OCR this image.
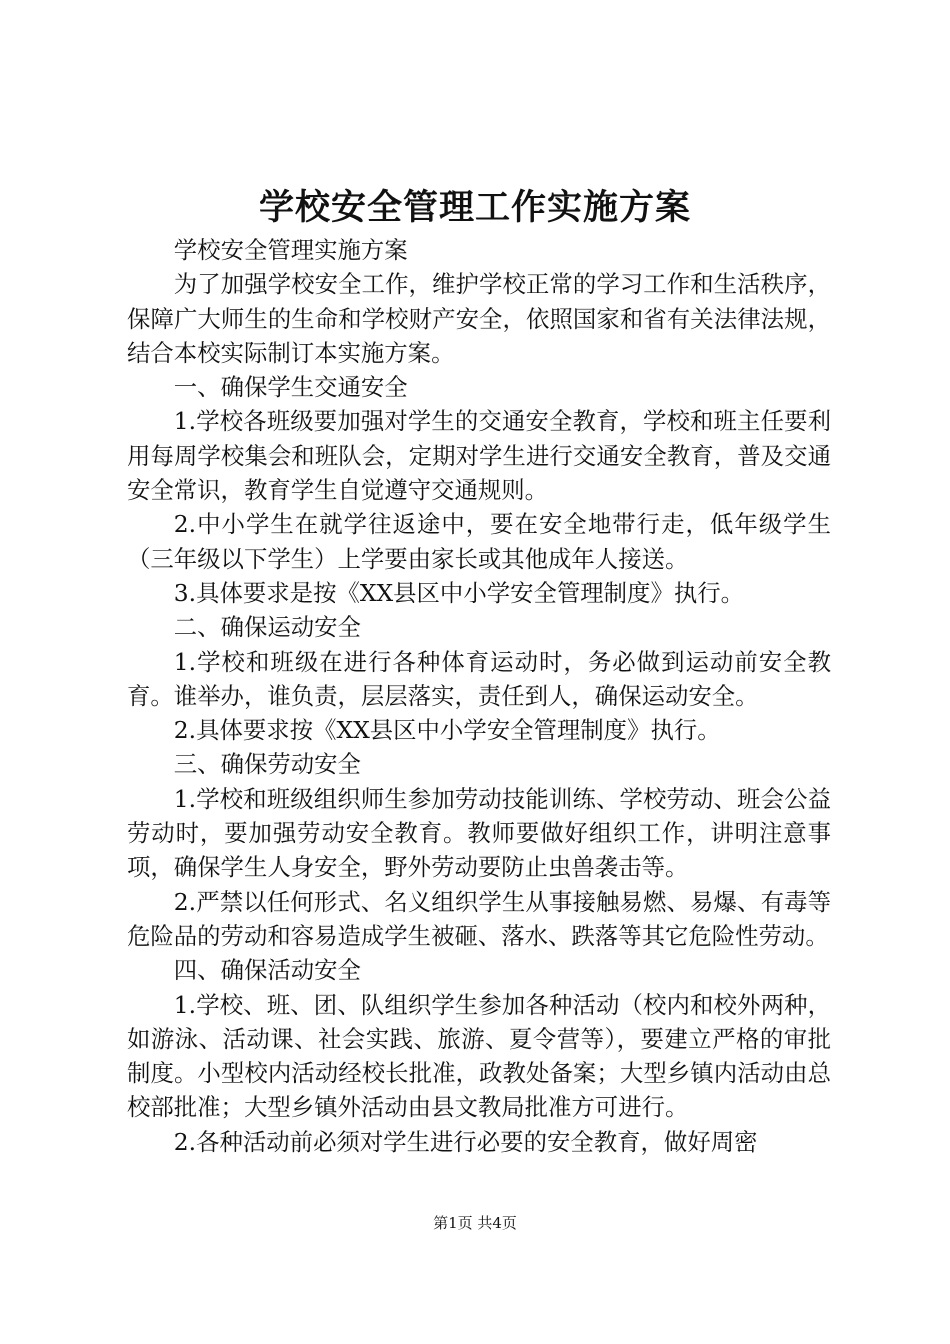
学校安全管理工作实施方案

学校安全管理实施方案

为了加强学校安全工作，维护学校正常的学习工作和生活秩序，保障广大师生的生命和学校财产安全，依照国家和省有关法律法规，结合本校实际制订本实施方案。

一、确保学生交通安全

1.学校各班级要加强对学生的交通安全教育，学校和班主任要利用每周学校集会和班队会，定期对学生进行交通安全教育，普及交通安全常识，教育学生自觉遵守交通规则。

2.中小学生在就学往返途中，要在安全地带行走，低年级学生（三年级以下学生）上学要由家长或其他成年人接送。

3.具体要求是按《XX县区中小学安全管理制度》执行。

二、确保运动安全

1.学校和班级在进行各种体育运动时，务必做到运动前安全教育。谁举办，谁负责，层层落实，责任到人，确保运动安全。

2.具体要求按《XX县区中小学安全管理制度》执行。

三、确保劳动安全

1.学校和班级组织师生参加劳动技能训练、学校劳动、班会公益劳动时，要加强劳动安全教育。教师要做好组织工作，讲明注意事项，确保学生人身安全，野外劳动要防止虫兽袭击等。

2.严禁以任何形式、名义组织学生从事接触易燃、易爆、有毒等危险品的劳动和容易造成学生被砸、落水、跌落等其它危险性劳动。

四、确保活动安全

1.学校、班、团、队组织学生参加各种活动（校内和校外两种，如游泳、活动课、社会实践、旅游、夏令营等），要建立严格的审批制度。小型校内活动经校长批准，政教处备案；大型乡镇内活动由总校部批准；大型乡镇外活动由县文教局批准方可进行。

2.各种活动前必须对学生进行必要的安全教育，做好周密

第1页 共4页
